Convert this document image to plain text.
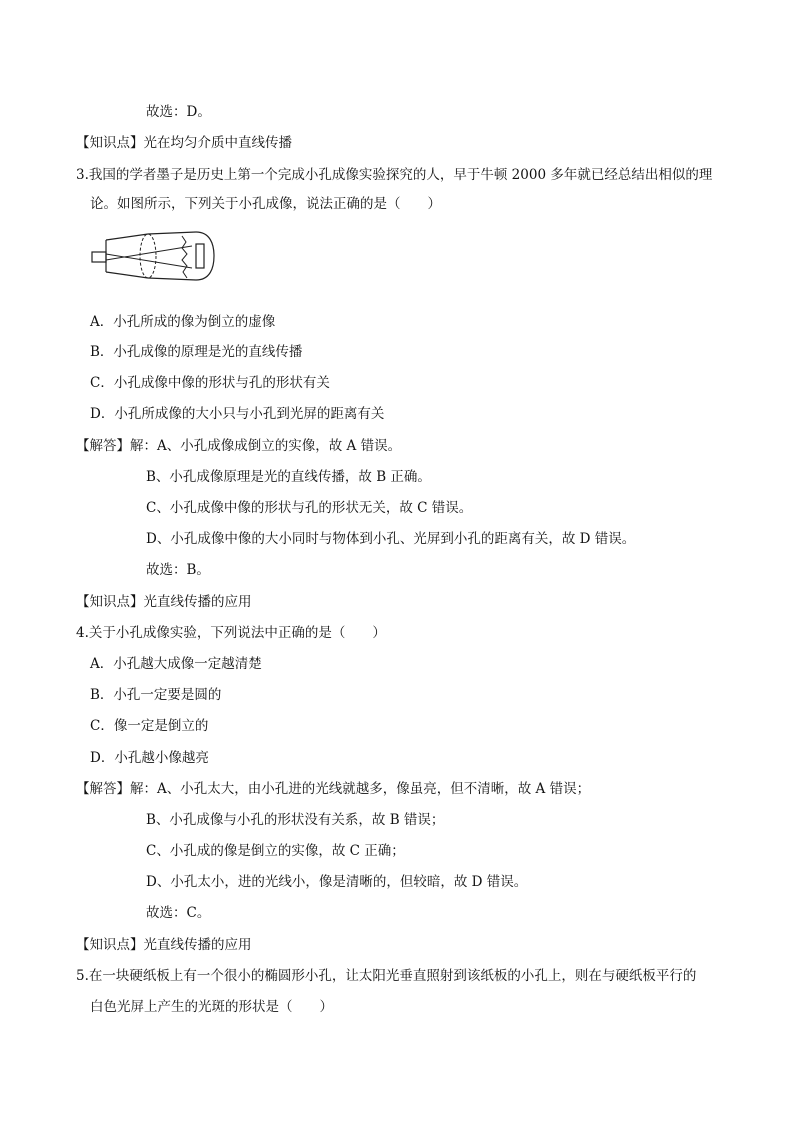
故选：D。
【知识点】光在均匀介质中直线传播
3.我国的学者墨子是历史上第一个完成小孔成像实验探究的人，早于牛顿 2000 多年就已经总结出相似的理
论。如图所示，下列关于小孔成像，说法正确的是（　　）
A．小孔所成的像为倒立的虚像
B．小孔成像的原理是光的直线传播
C．小孔成像中像的形状与孔的形状有关
D．小孔所成像的大小只与小孔到光屏的距离有关
【解答】解：A、小孔成像成倒立的实像，故 A 错误。
B、小孔成像原理是光的直线传播，故 B 正确。
C、小孔成像中像的形状与孔的形状无关，故 C 错误。
D、小孔成像中像的大小同时与物体到小孔、光屏到小孔的距离有关，故 D 错误。
故选：B。
【知识点】光直线传播的应用
4.关于小孔成像实验，下列说法中正确的是（　　）
A．小孔越大成像一定越清楚
B．小孔一定要是圆的
C．像一定是倒立的
D．小孔越小像越亮
【解答】解：A、小孔太大，由小孔进的光线就越多，像虽亮，但不清晰，故 A 错误；
B、小孔成像与小孔的形状没有关系，故 B 错误；
C、小孔成的像是倒立的实像，故 C 正确；
D、小孔太小，进的光线小，像是清晰的，但较暗，故 D 错误。
故选：C。
【知识点】光直线传播的应用
5.在一块硬纸板上有一个很小的椭圆形小孔，让太阳光垂直照射到该纸板的小孔上，则在与硬纸板平行的
白色光屏上产生的光斑的形状是（　　）
